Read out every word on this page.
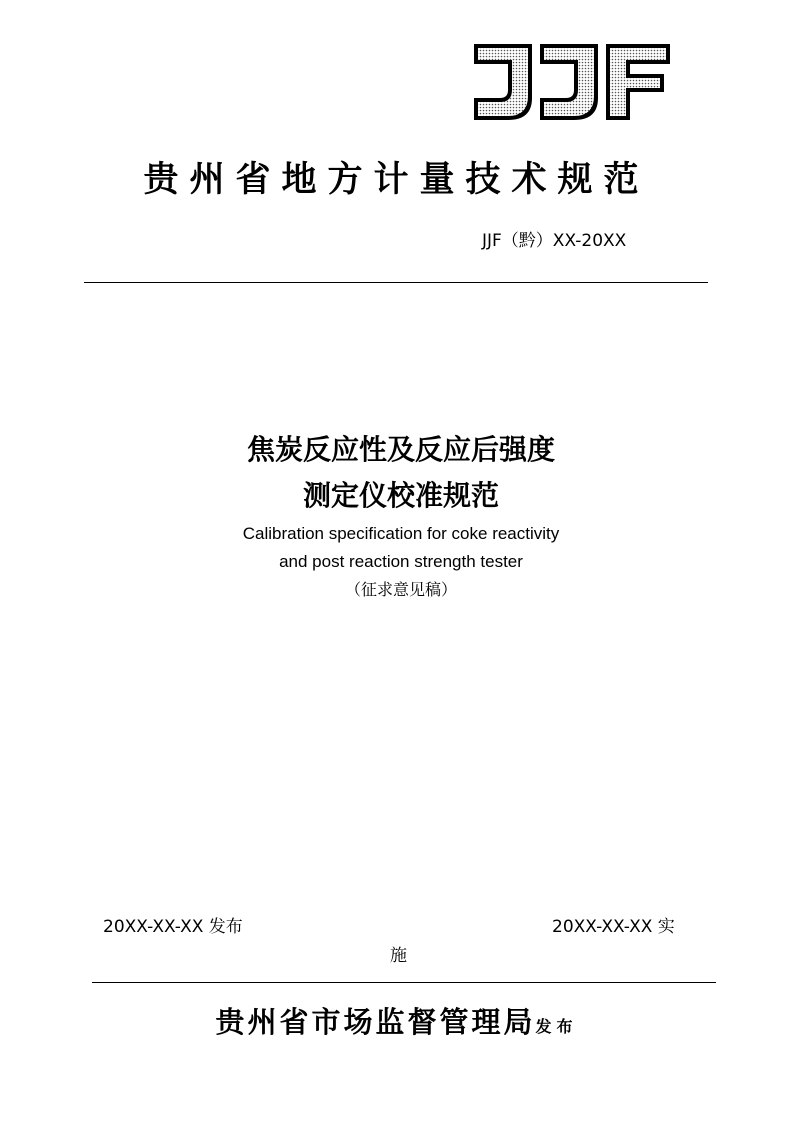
贵州省地方计量技术规范
JJF（黔）XX-20XX
焦炭反应性及反应后强度
测定仪校准规范
Calibration specification for coke reactivity
and post reaction strength tester
（征求意见稿）
20XX-XX-XX 发布	20XX-XX-XX 实
施
贵州省市场监督管理局发布
